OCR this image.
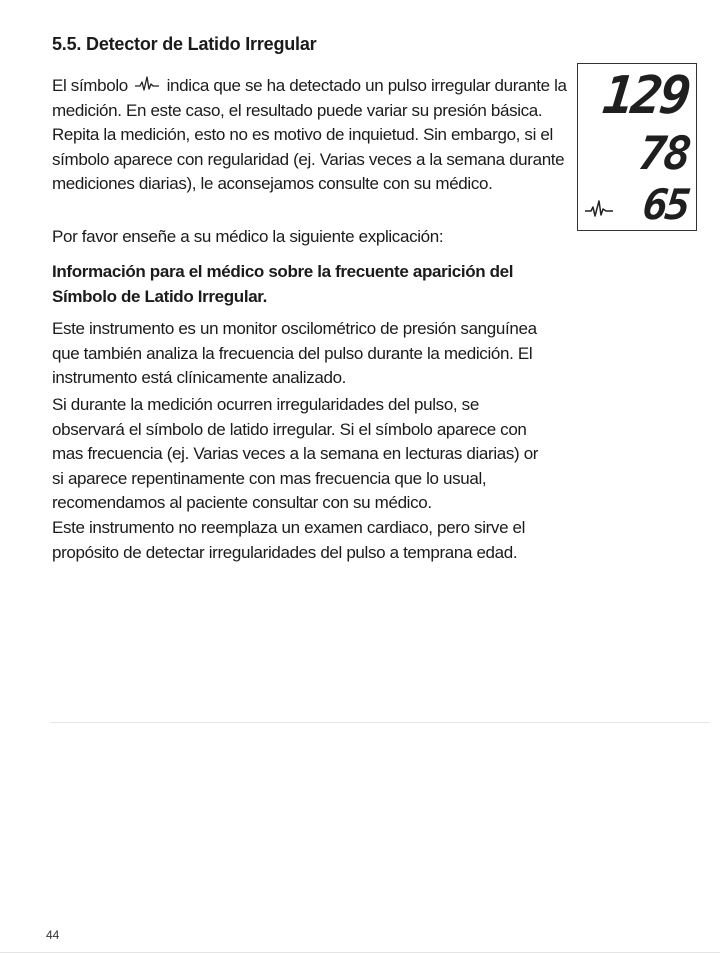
5.5. Detector de Latido Irregular

El símbolo indica que se ha detectado un pulso irregular durante la medición. En este caso, el resultado puede variar su presión básica. Repita la medición, esto no es motivo de inquietud. Sin embargo, si el símbolo aparece con regularidad (ej. Varias veces a la semana durante mediciones diarias), le aconsejamos consulte con su médico.

Por favor enseñe a su médico la siguiente explicación:

Información para el médico sobre la frecuente aparición del Símbolo de Latido Irregular.

Este instrumento es un monitor oscilométrico de presión sanguínea que también analiza la frecuencia del pulso durante la medición. El instrumento está clínicamente analizado.

Si durante la medición ocurren irregularidades del pulso, se observará el símbolo de latido irregular. Si el símbolo aparece con mas frecuencia (ej. Varias veces a la semana en lecturas diarias) or si aparece repentinamente con mas frecuencia que lo usual, recomendamos al paciente consultar con su médico.

Este instrumento no reemplaza un examen cardiaco, pero sirve el propósito de detectar irregularidades del pulso a temprana edad.

129
78
65
44
